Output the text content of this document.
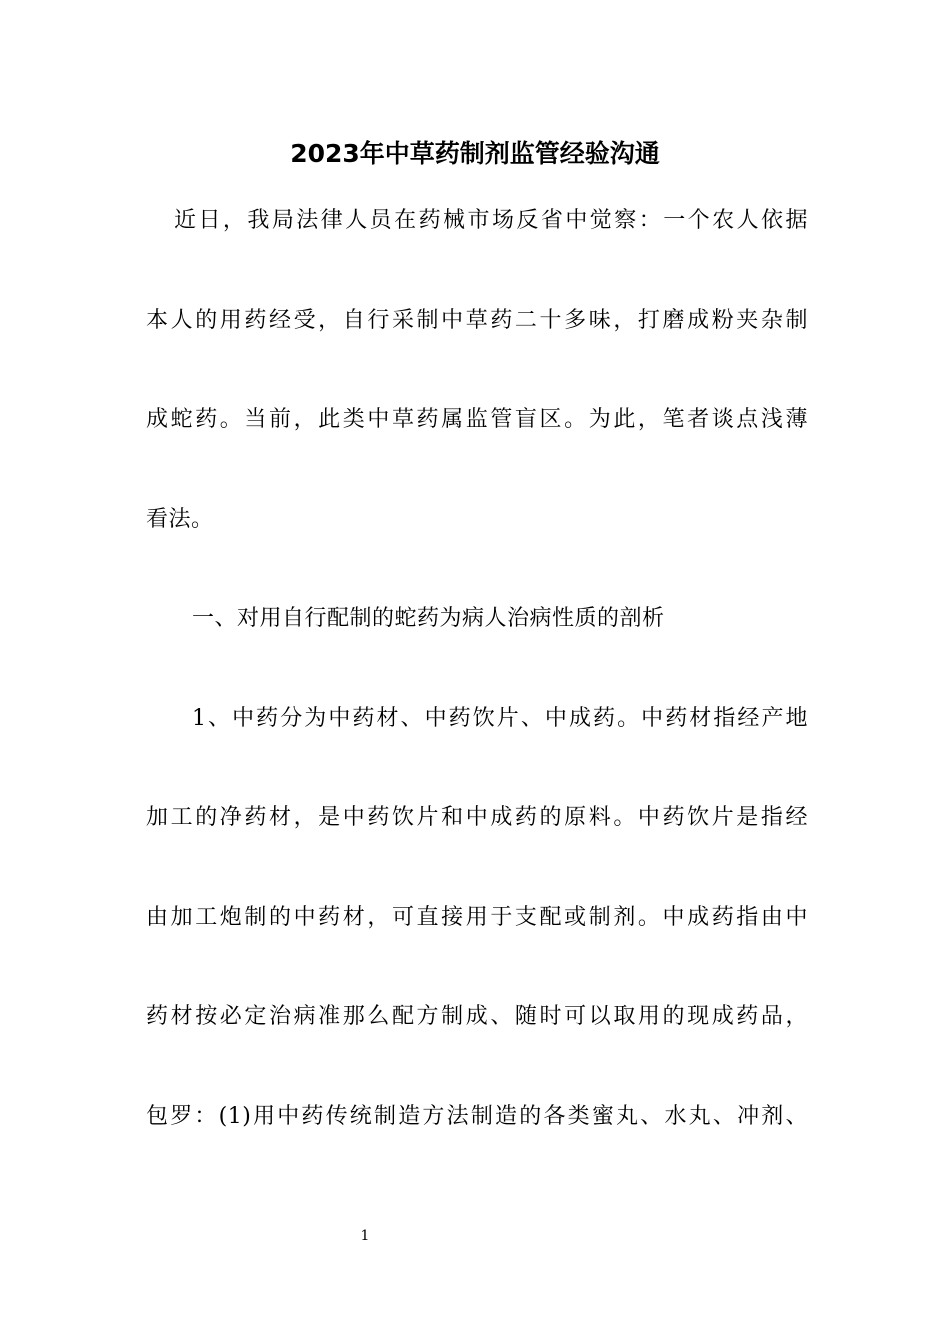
2023年中草药制剂监管经验沟通
近日，我局法律人员在药械市场反省中觉察：一个农人依据
本人的用药经受，自行采制中草药二十多味，打磨成粉夹杂制
成蛇药。当前，此类中草药属监管盲区。为此，笔者谈点浅薄
看法。
一、对用自行配制的蛇药为病人治病性质的剖析
1、中药分为中药材、中药饮片、中成药。中药材指经产地
加工的净药材，是中药饮片和中成药的原料。中药饮片是指经
由加工炮制的中药材，可直接用于支配或制剂。中成药指由中
药材按必定治病准那么配方制成、随时可以取用的现成药品，
包罗：(1)用中药传统制造方法制造的各类蜜丸、水丸、冲剂、
1
